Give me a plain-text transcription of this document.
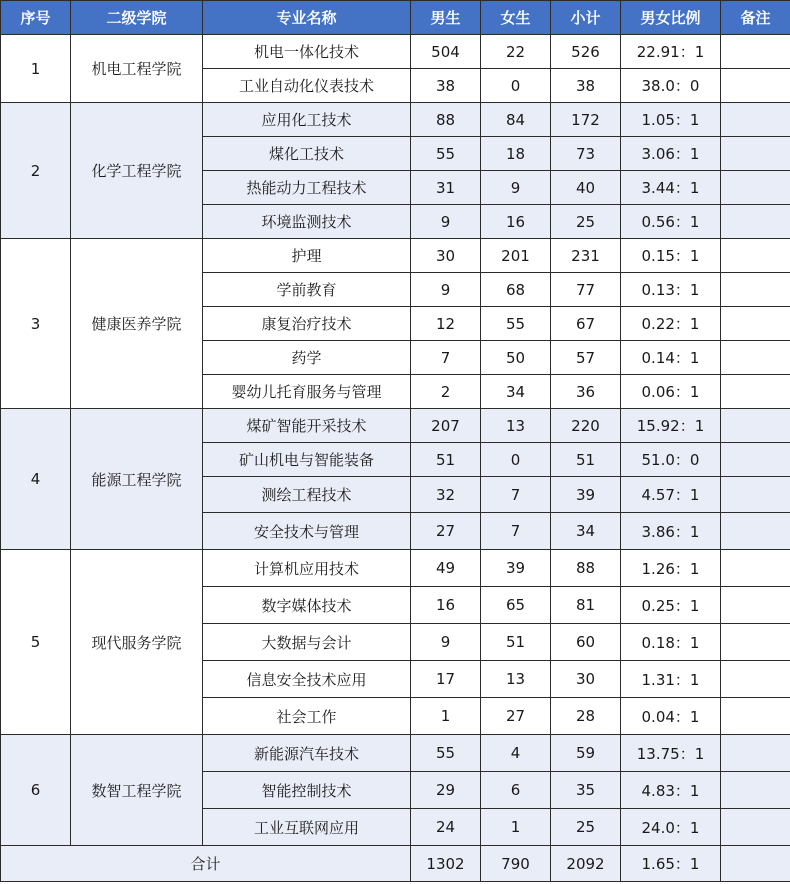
序号	二级学院	专业名称	男生	女生	小计	男女比例	备注
1	机电工程学院	机电一体化技术	504	22	526	22.91：1	
		工业自动化仪表技术	38	0	38	38.0：0	
2	化学工程学院	应用化工技术	88	84	172	1.05：1	
		煤化工技术	55	18	73	3.06：1	
		热能动力工程技术	31	9	40	3.44：1	
		环境监测技术	9	16	25	0.56：1	
3	健康医养学院	护理	30	201	231	0.15：1	
		学前教育	9	68	77	0.13：1	
		康复治疗技术	12	55	67	0.22：1	
		药学	7	50	57	0.14：1	
		婴幼儿托育服务与管理	2	34	36	0.06：1	
4	能源工程学院	煤矿智能开采技术	207	13	220	15.92：1	
		矿山机电与智能装备	51	0	51	51.0：0	
		测绘工程技术	32	7	39	4.57：1	
		安全技术与管理	27	7	34	3.86：1	
5	现代服务学院	计算机应用技术	49	39	88	1.26：1	
		数字媒体技术	16	65	81	0.25：1	
		大数据与会计	9	51	60	0.18：1	
		信息安全技术应用	17	13	30	1.31：1	
		社会工作	1	27	28	0.04：1	
6	数智工程学院	新能源汽车技术	55	4	59	13.75：1	
		智能控制技术	29	6	35	4.83：1	
		工业互联网应用	24	1	25	24.0：1	
合计			1302	790	2092	1.65：1	
